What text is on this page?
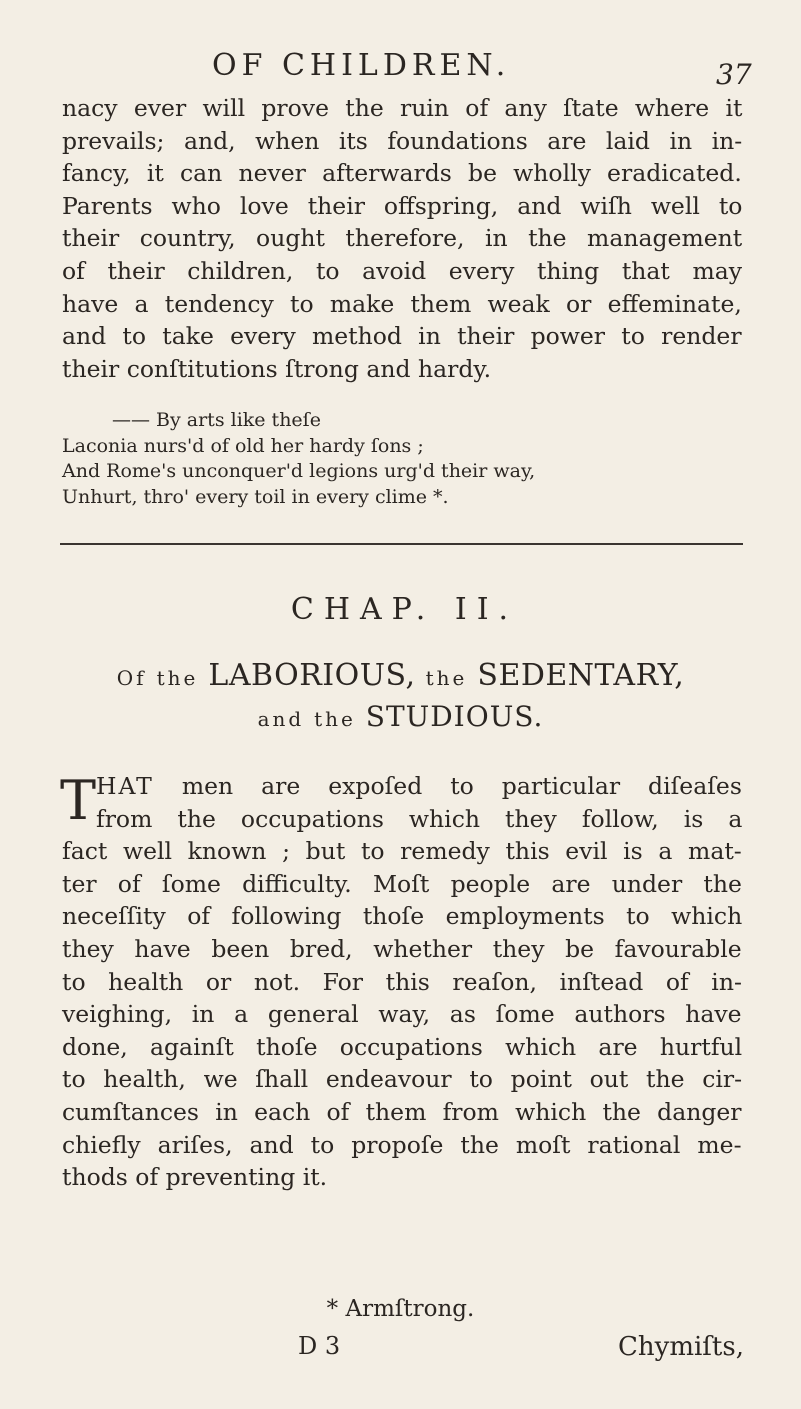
OF CHILDREN.	37

nacy ever will prove the ruin of any ſtate where it
prevails; and, when its foundations are laid in in-
fancy, it can never afterwards be wholly eradicated.
Parents who love their offspring, and wiſh well to
their country, ought therefore, in the management
of their children, to avoid every thing that may
have a tendency to make them weak or effeminate,
and to take every method in their power to render
their conſtitutions ſtrong and hardy.

—— By arts like theſe
Laconia nurs'd of old her hardy ſons ;
And Rome's unconquer'd legions urg'd their way,
Unhurt, thro' every toil in every clime *.
CHAP. II.
Of the LABORIOUS, the SEDENTARY,
and the STUDIOUS.
T HAT men are expoſed to particular diſeaſes
from the occupations which they follow, is a
fact well known ; but to remedy this evil is a mat-
ter of ſome difficulty. Moſt people are under the
neceſſity of following thoſe employments to which
they have been bred, whether they be favourable
to health or not. For this reaſon, inſtead of in-
veighing, in a general way, as ſome authors have
done, againſt thoſe occupations which are hurtful
to health, we ſhall endeavour to point out the cir-
cumſtances in each of them from which the danger
chiefly ariſes, and to propoſe the moſt rational me-
thods of preventing it.

* Armſtrong.
D 3	Chymiſts,
